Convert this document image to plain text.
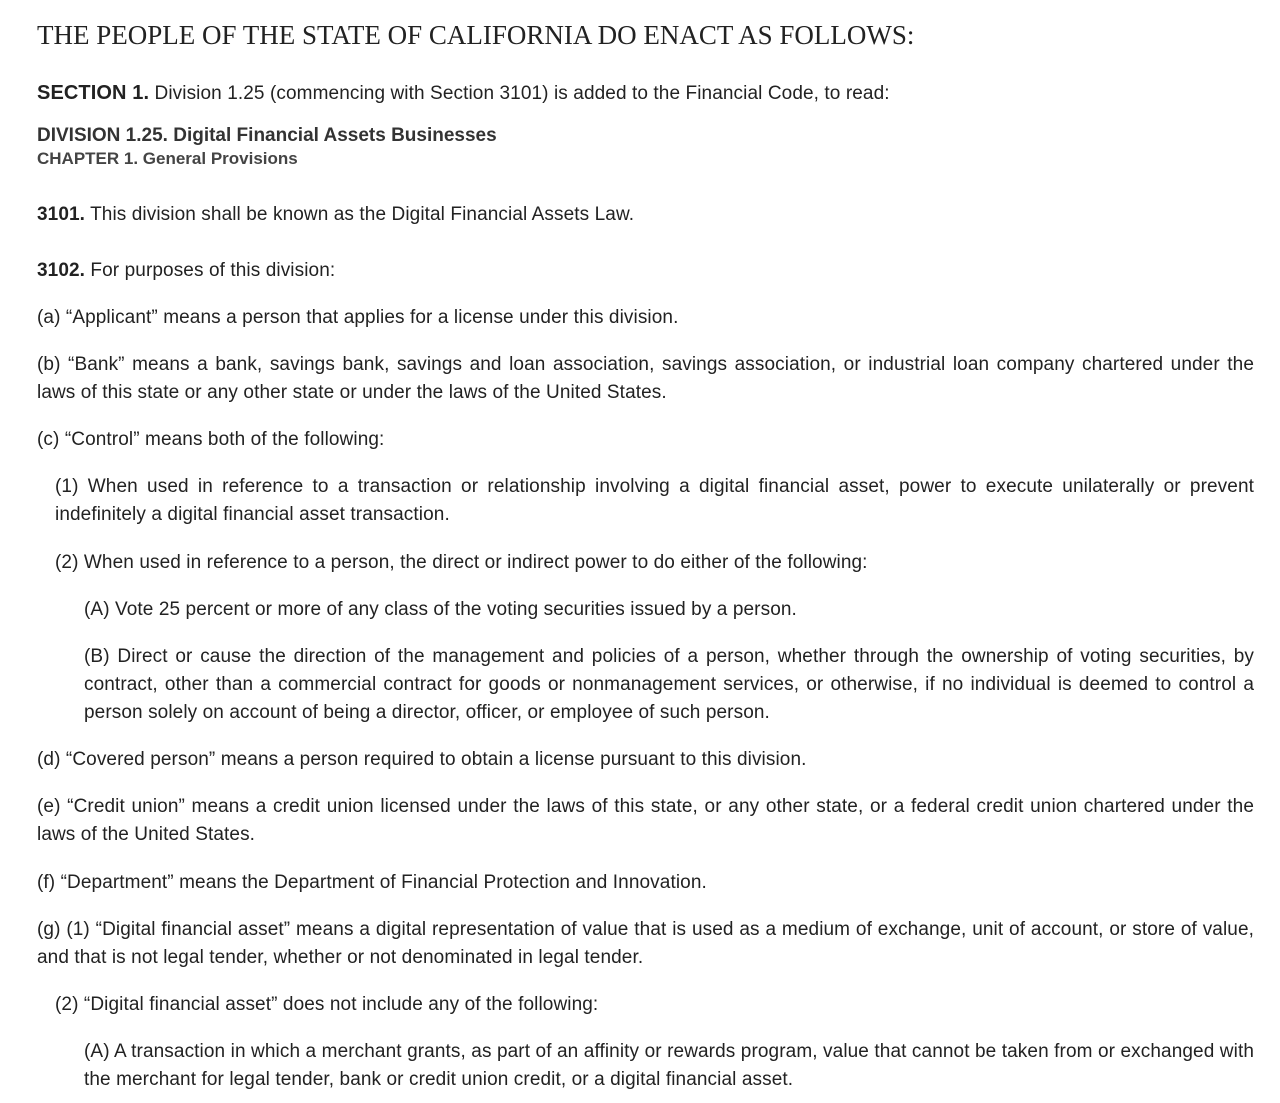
THE PEOPLE OF THE STATE OF CALIFORNIA DO ENACT AS FOLLOWS:
SECTION 1. Division 1.25 (commencing with Section 3101) is added to the Financial Code, to read:
DIVISION 1.25. Digital Financial Assets Businesses
CHAPTER 1. General Provisions

3101. This division shall be known as the Digital Financial Assets Law.

3102. For purposes of this division:

(a) “Applicant” means a person that applies for a license under this division.

(b) “Bank” means a bank, savings bank, savings and loan association, savings association, or industrial loan company chartered under the laws of this state or any other state or under the laws of the United States.

(c) “Control” means both of the following:

(1) When used in reference to a transaction or relationship involving a digital financial asset, power to execute unilaterally or prevent indefinitely a digital financial asset transaction.

(2) When used in reference to a person, the direct or indirect power to do either of the following:

(A) Vote 25 percent or more of any class of the voting securities issued by a person.

(B) Direct or cause the direction of the management and policies of a person, whether through the ownership of voting securities, by contract, other than a commercial contract for goods or nonmanagement services, or otherwise, if no individual is deemed to control a person solely on account of being a director, officer, or employee of such person.

(d) “Covered person” means a person required to obtain a license pursuant to this division.

(e) “Credit union” means a credit union licensed under the laws of this state, or any other state, or a federal credit union chartered under the laws of the United States.

(f) “Department” means the Department of Financial Protection and Innovation.

(g) (1) “Digital financial asset” means a digital representation of value that is used as a medium of exchange, unit of account, or store of value, and that is not legal tender, whether or not denominated in legal tender.

(2) “Digital financial asset” does not include any of the following:

(A) A transaction in which a merchant grants, as part of an affinity or rewards program, value that cannot be taken from or exchanged with the merchant for legal tender, bank or credit union credit, or a digital financial asset.
